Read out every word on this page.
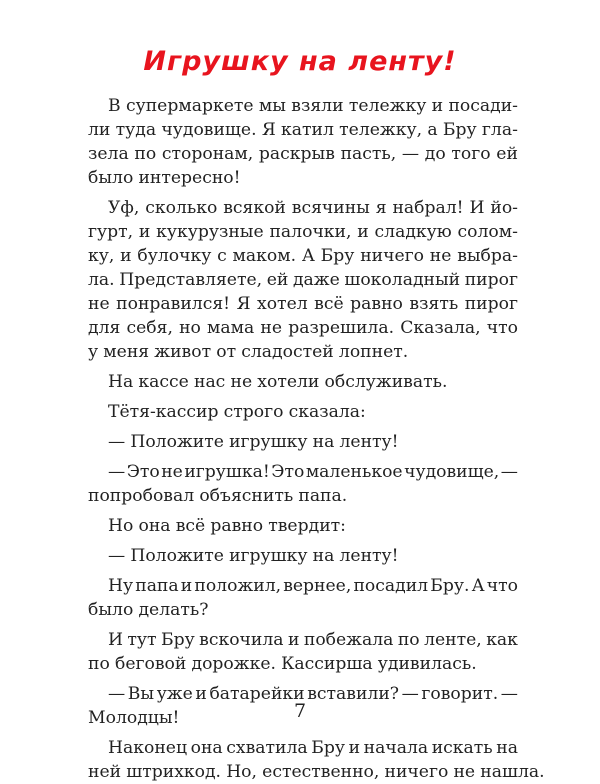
Игрушку на ленту!
В супермаркете мы взяли тележку и посади-
ли туда чудовище. Я катил тележку, а Бру гла-
зела по сторонам, раскрыв пасть, — до того ей
было интересно!
Уф, сколько всякой всячины я набрал! И йо-
гурт, и кукурузные палочки, и сладкую солом-
ку, и булочку с маком. А Бру ничего не выбра-
ла. Представляете, ей даже шоколадный пирог
не понравился! Я хотел всё равно взять пирог
для себя, но мама не разрешила. Сказала, что
у меня живот от сладостей лопнет.
На кассе нас не хотели обслуживать.
Тётя-кассир строго сказала:
— Положите игрушку на ленту!
— Это не игрушка! Это маленькое чудовище, —
попробовал объяснить папа.
Но она всё равно твердит:
— Положите игрушку на ленту!
Ну папа и положил, вернее, посадил Бру. А что
было делать?
И тут Бру вскочила и побежала по ленте, как
по беговой дорожке. Кассирша удивилась.
— Вы уже и батарейки вставили? — говорит. —
Молодцы!
Наконец она схватила Бру и начала искать на
ней штрихкод. Но, естественно, ничего не нашла.
7
